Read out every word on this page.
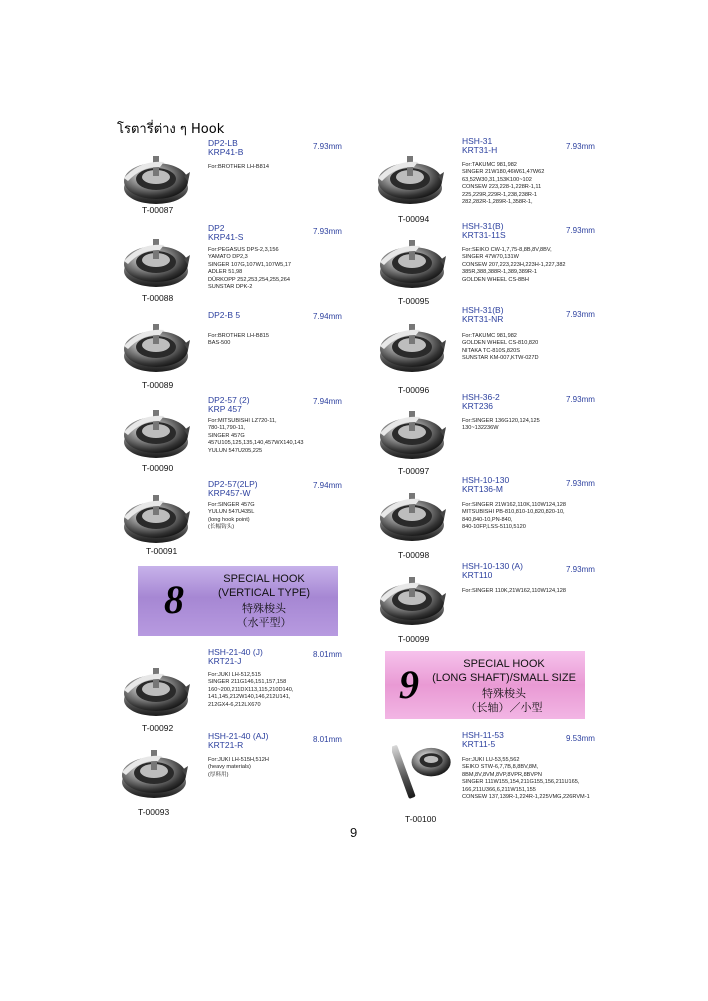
โรตารี่ต่าง ๆ Hook
T-00087
DP2-LB
KRP41-B
7.93mm
For:BROTHER LH-B814
T-00088
DP2
KRP41-S
7.93mm
For:PEGASUS DPS-2,3,156
YAMATO DP2,3
SINGER 107G,107W1,107W5,17
ADLER 51,98
DÜRKOPP 252,253,254,255,264
SUNSTAR DPK-2
T-00089
DP2-B 5	7.94mm
For:BROTHER LH-B815
BAS-500
T-00090
DP2-57 (2)
KRP 457
7.94mm
For:MITSUBISHI LZ720-11,
780-11,790-11,
SINGER 457G
457U105,125,135,140,457WX140,143
YULUN 547U205,225
T-00091
DP2-57(2LP)
KRP457-W
7.94mm
For:SINGER 457G
YULUN 547U435L
(long hook point)
(长幅钩头)
8	SPECIAL HOOK
(VERTICAL TYPE)
特殊梭头
（水平型）
T-00092
HSH-21-40 (J)
KRT21-J
8.01mm
For:JUKI LH-512,515
SINGER 211G146,151,157,158
160~200,211DX113,115,210D140,
141,145,212W140,146,212U141,
212GX4-6,212LX670
T-00093
HSH-21-40 (AJ)
KRT21-R
8.01mm
For:JUKI LH-515H,512H
(heavy materials)
(厚料用)
T-00094
HSH-31
KRT31-H	7.93mm
For:TAKUMC 981,982
SINGER 21W180,46W61,47W62
63,52W30,31,153K100~102
CONSEW 223,228-1,228R-1,11
225,229R,229R-1,238,238R-1
282,282R-1,289R-1,358R-1,
T-00095
HSH-31(B)
KRT31-11S	7.93mm
For:SEIKO CW-1,7,75-8,8B,8V,8BV,
SINGER 47W70,131W
CONSEW 207,223,223H,223H-1,227,382
385R,388,388R-1,389,389R-1
GOLDEN WHEEL CS-8BH
T-00096
HSH-31(B)
KRT31-NR	7.93mm
For:TAKUMC 981,982
GOLDEN WHEEL CS-810,820
NITAKA TC-810S,820S
SUNSTAR KM-007,KTW-027D
T-00097
HSH-36-2
KRT236
7.93mm
For:SINGER 136G120,124,125
130~132236W
T-00098
HSH-10-130
KRT136-M
7.93mm
For:SINGER 21W162,110K,110W124,128
MITSUBISHI PB-810,810-10,820,820-10,
840,840-10,PN-840,
840-10FP,LSS-5110,5120
T-00099
HSH-10-130 (A)
KRT110
7.93mm
For:SINGER 110K,21W162,110W124,128
9	SPECIAL HOOK
(LONG SHAFT)/SMALL SIZE
特殊梭头
（长轴）／小型
T-00100
HSH-11-53
KRT11-5
9.53mm
For:JUKI LU-53,55,562
SEIKO STW-6,7,7B,8,8BV,8M,
8BM,8V,8VM,8VP,8VPR,8BVPN
SINGER 111W155,154,211G155,156,211U165,
166,211U366,6,211W151,155
CONSEW 137,139R-1,224R-1,225VMG,226RVM-1
9
